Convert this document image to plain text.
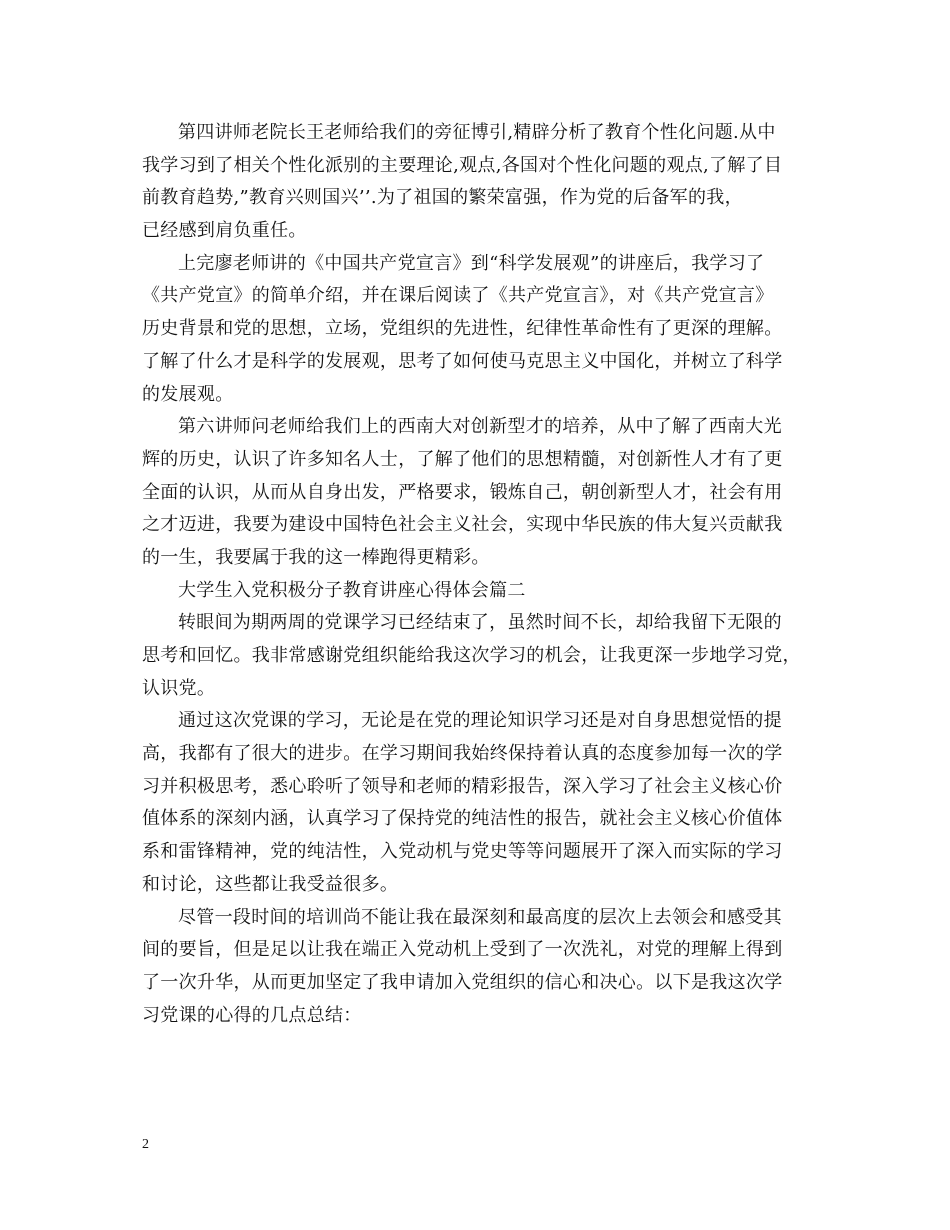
第四讲师老院长王老师给我们的旁征博引,精辟分析了教育个性化问题.从中
我学习到了相关个性化派别的主要理论,观点,各国对个性化问题的观点,了解了目
前教育趋势,”教育兴则国兴’’.为了祖国的繁荣富强，作为党的后备军的我，
已经感到肩负重任。
上完廖老师讲的《中国共产党宣言》到“科学发展观”的讲座后，我学习了
《共产党宣》的简单介绍，并在课后阅读了《共产党宣言》，对《共产党宣言》
历史背景和党的思想，立场，党组织的先进性，纪律性革命性有了更深的理解。
了解了什么才是科学的发展观，思考了如何使马克思主义中国化，并树立了科学
的发展观。
第六讲师问老师给我们上的西南大对创新型才的培养，从中了解了西南大光
辉的历史，认识了许多知名人士，了解了他们的思想精髓，对创新性人才有了更
全面的认识，从而从自身出发，严格要求，锻炼自己，朝创新型人才，社会有用
之才迈进，我要为建设中国特色社会主义社会，实现中华民族的伟大复兴贡献我
的一生，我要属于我的这一棒跑得更精彩。
大学生入党积极分子教育讲座心得体会篇二
转眼间为期两周的党课学习已经结束了，虽然时间不长，却给我留下无限的
思考和回忆。我非常感谢党组织能给我这次学习的机会，让我更深一步地学习党，
认识党。
通过这次党课的学习，无论是在党的理论知识学习还是对自身思想觉悟的提
高，我都有了很大的进步。在学习期间我始终保持着认真的态度参加每一次的学
习并积极思考，悉心聆听了领导和老师的精彩报告，深入学习了社会主义核心价
值体系的深刻内涵，认真学习了保持党的纯洁性的报告，就社会主义核心价值体
系和雷锋精神，党的纯洁性，入党动机与党史等等问题展开了深入而实际的学习
和讨论，这些都让我受益很多。
尽管一段时间的培训尚不能让我在最深刻和最高度的层次上去领会和感受其
间的要旨，但是足以让我在端正入党动机上受到了一次洗礼，对党的理解上得到
了一次升华，从而更加坚定了我申请加入党组织的信心和决心。以下是我这次学
习党课的心得的几点总结：
2
